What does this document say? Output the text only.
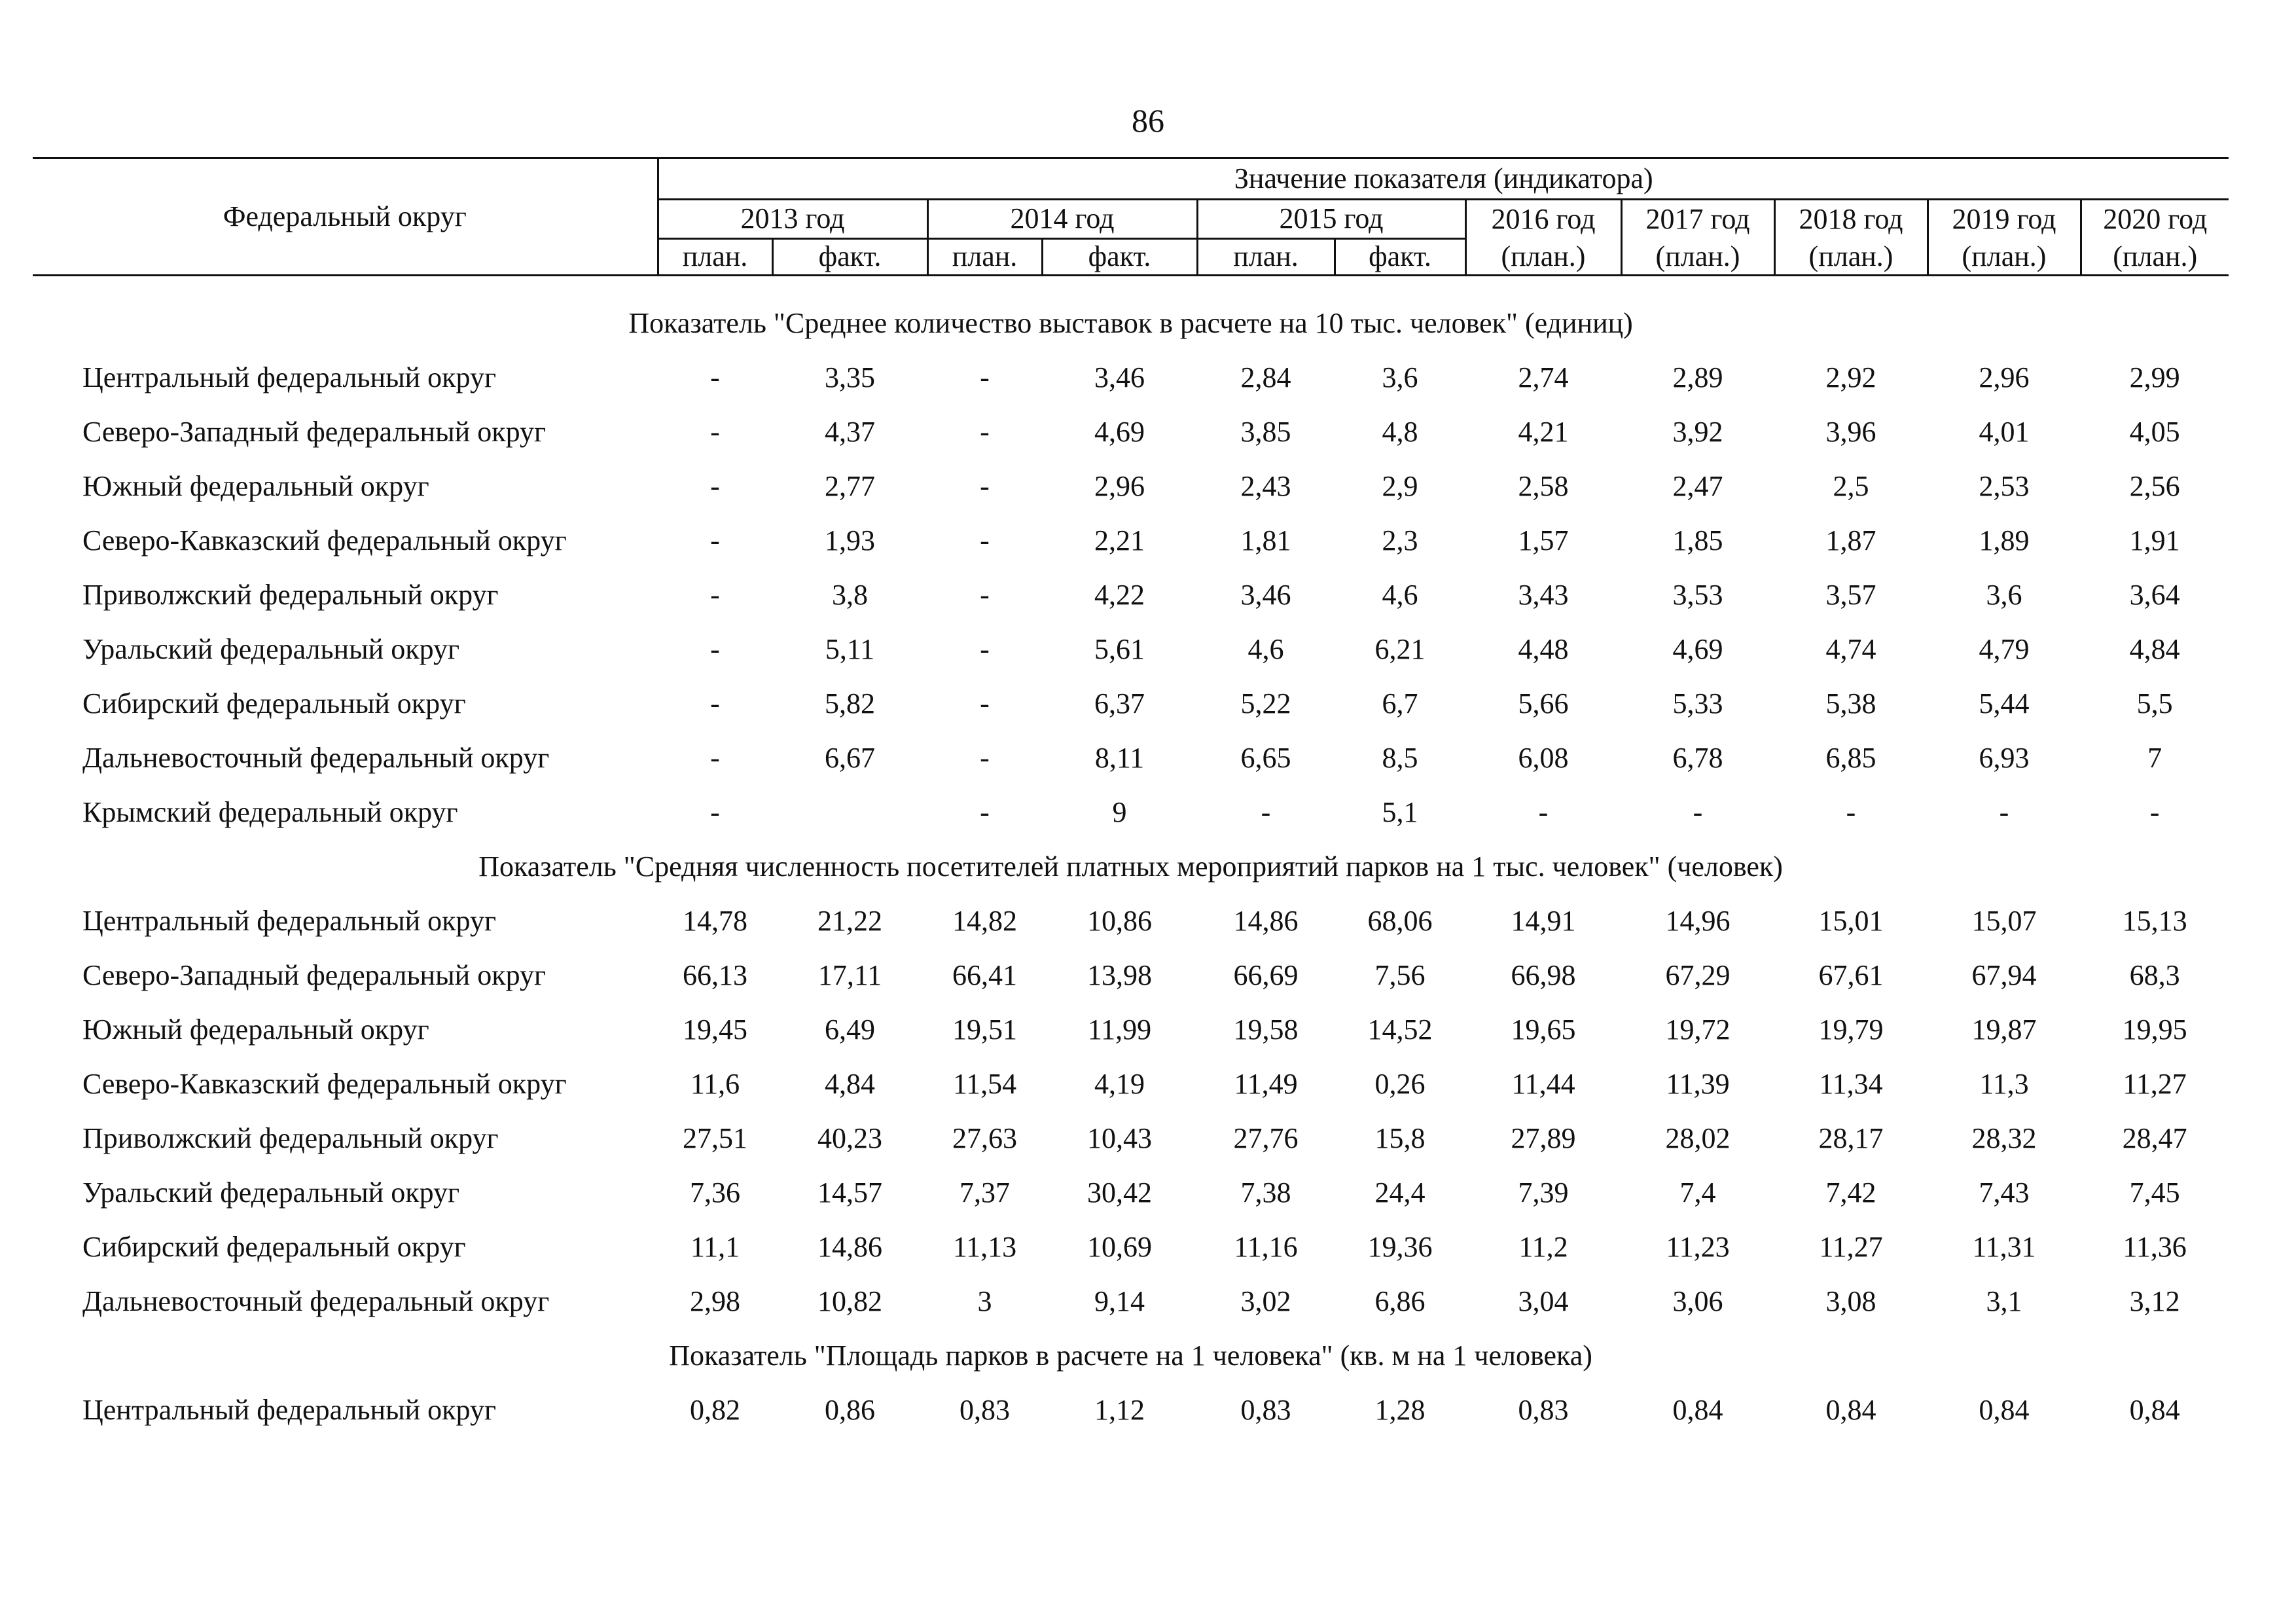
86
Федеральный округ	Значение показателя (индикатора)										
	2013 год		2014 год		2015 год		2016 год	2017 год	2018 год	2019 год	2020 год
	план.	факт.	план.	факт.	план.	факт.	(план.)	(план.)	(план.)	(план.)	(план.)
Показатель "Среднее количество выставок в расчете на 10 тыс. человек" (единиц)											
Центральный федеральный округ	-	3,35	-	3,46	2,84	3,6	2,74	2,89	2,92	2,96	2,99
Северо-Западный федеральный округ	-	4,37	-	4,69	3,85	4,8	4,21	3,92	3,96	4,01	4,05
Южный федеральный округ	-	2,77	-	2,96	2,43	2,9	2,58	2,47	2,5	2,53	2,56
Северо-Кавказский федеральный округ	-	1,93	-	2,21	1,81	2,3	1,57	1,85	1,87	1,89	1,91
Приволжский федеральный округ	-	3,8	-	4,22	3,46	4,6	3,43	3,53	3,57	3,6	3,64
Уральский федеральный округ	-	5,11	-	5,61	4,6	6,21	4,48	4,69	4,74	4,79	4,84
Сибирский федеральный округ	-	5,82	-	6,37	5,22	6,7	5,66	5,33	5,38	5,44	5,5
Дальневосточный федеральный округ	-	6,67	-	8,11	6,65	8,5	6,08	6,78	6,85	6,93	7
Крымский федеральный округ	-		-	9	-	5,1	-	-	-	-	-
Показатель "Средняя численность посетителей платных мероприятий парков на 1 тыс. человек" (человек)											
Центральный федеральный округ	14,78	21,22	14,82	10,86	14,86	68,06	14,91	14,96	15,01	15,07	15,13
Северо-Западный федеральный округ	66,13	17,11	66,41	13,98	66,69	7,56	66,98	67,29	67,61	67,94	68,3
Южный федеральный округ	19,45	6,49	19,51	11,99	19,58	14,52	19,65	19,72	19,79	19,87	19,95
Северо-Кавказский федеральный округ	11,6	4,84	11,54	4,19	11,49	0,26	11,44	11,39	11,34	11,3	11,27
Приволжский федеральный округ	27,51	40,23	27,63	10,43	27,76	15,8	27,89	28,02	28,17	28,32	28,47
Уральский федеральный округ	7,36	14,57	7,37	30,42	7,38	24,4	7,39	7,4	7,42	7,43	7,45
Сибирский федеральный округ	11,1	14,86	11,13	10,69	11,16	19,36	11,2	11,23	11,27	11,31	11,36
Дальневосточный федеральный округ	2,98	10,82	3	9,14	3,02	6,86	3,04	3,06	3,08	3,1	3,12
Показатель "Площадь парков в расчете на 1 человека" (кв. м на 1 человека)											
Центральный федеральный округ	0,82	0,86	0,83	1,12	0,83	1,28	0,83	0,84	0,84	0,84	0,84
